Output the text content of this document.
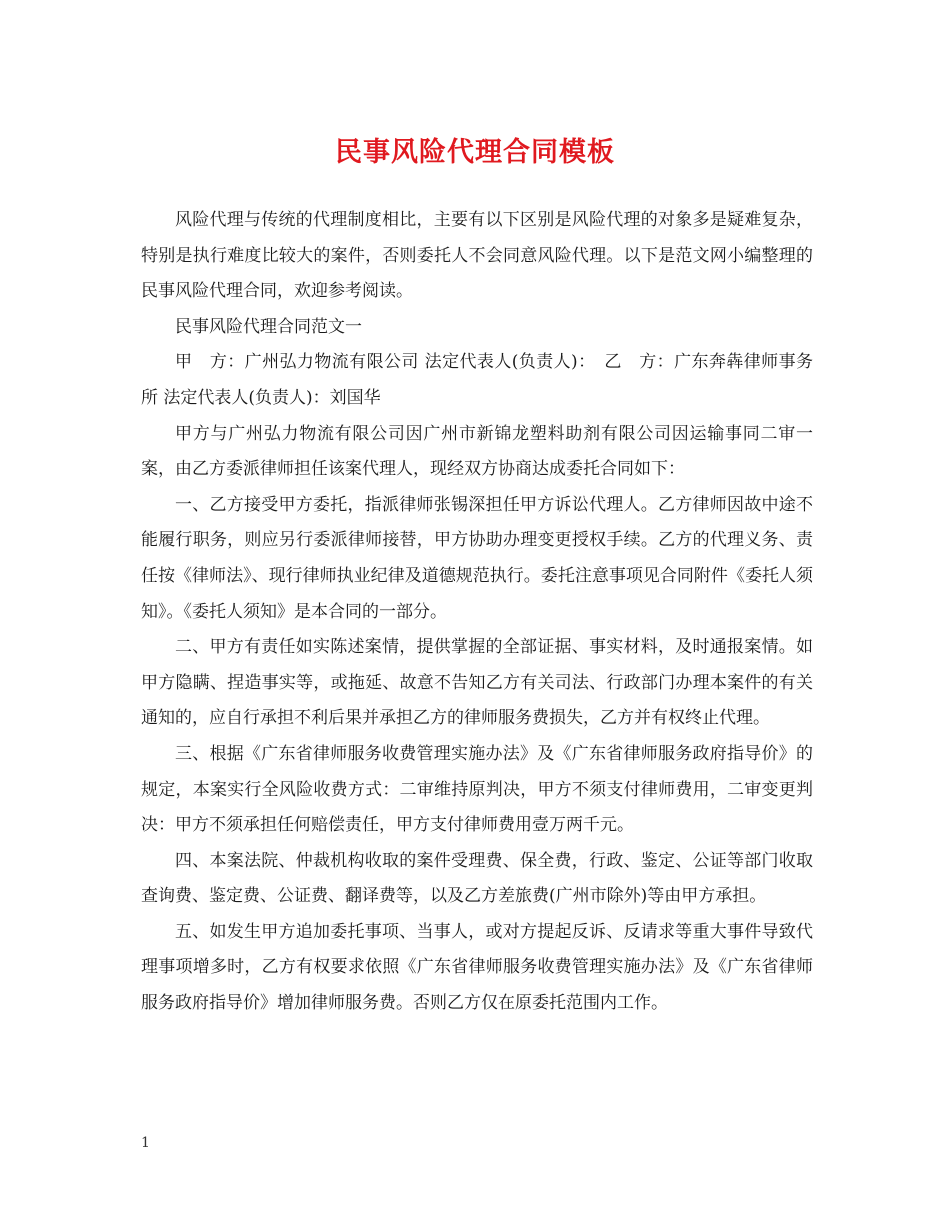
民事风险代理合同模板

风险代理与传统的代理制度相比，主要有以下区别是风险代理的对象多是疑难复杂，特别是执行难度比较大的案件，否则委托人不会同意风险代理。以下是范文网小编整理的民事风险代理合同，欢迎参考阅读。

民事风险代理合同范文一

甲　方：广州弘力物流有限公司 法定代表人(负责人)：　乙　方：广东奔犇律师事务所 法定代表人(负责人)：刘国华

甲方与广州弘力物流有限公司因广州市新锦龙塑料助剂有限公司因运输事同二审一案，由乙方委派律师担任该案代理人，现经双方协商达成委托合同如下：

一、乙方接受甲方委托，指派律师张锡深担任甲方诉讼代理人。乙方律师因故中途不能履行职务，则应另行委派律师接替，甲方协助办理变更授权手续。乙方的代理义务、责任按《律师法》、现行律师执业纪律及道德规范执行。委托注意事项见合同附件《委托人须知》。《委托人须知》是本合同的一部分。

二、甲方有责任如实陈述案情，提供掌握的全部证据、事实材料，及时通报案情。如甲方隐瞒、捏造事实等，或拖延、故意不告知乙方有关司法、行政部门办理本案件的有关通知的，应自行承担不利后果并承担乙方的律师服务费损失，乙方并有权终止代理。

三、根据《广东省律师服务收费管理实施办法》及《广东省律师服务政府指导价》的规定，本案实行全风险收费方式：二审维持原判决，甲方不须支付律师费用，二审变更判决：甲方不须承担任何赔偿责任，甲方支付律师费用壹万两千元。

四、本案法院、仲裁机构收取的案件受理费、保全费，行政、鉴定、公证等部门收取查询费、鉴定费、公证费、翻译费等，以及乙方差旅费(广州市除外)等由甲方承担。

五、如发生甲方追加委托事项、当事人，或对方提起反诉、反请求等重大事件导致代理事项增多时，乙方有权要求依照《广东省律师服务收费管理实施办法》及《广东省律师服务政府指导价》增加律师服务费。否则乙方仅在原委托范围内工作。

1
